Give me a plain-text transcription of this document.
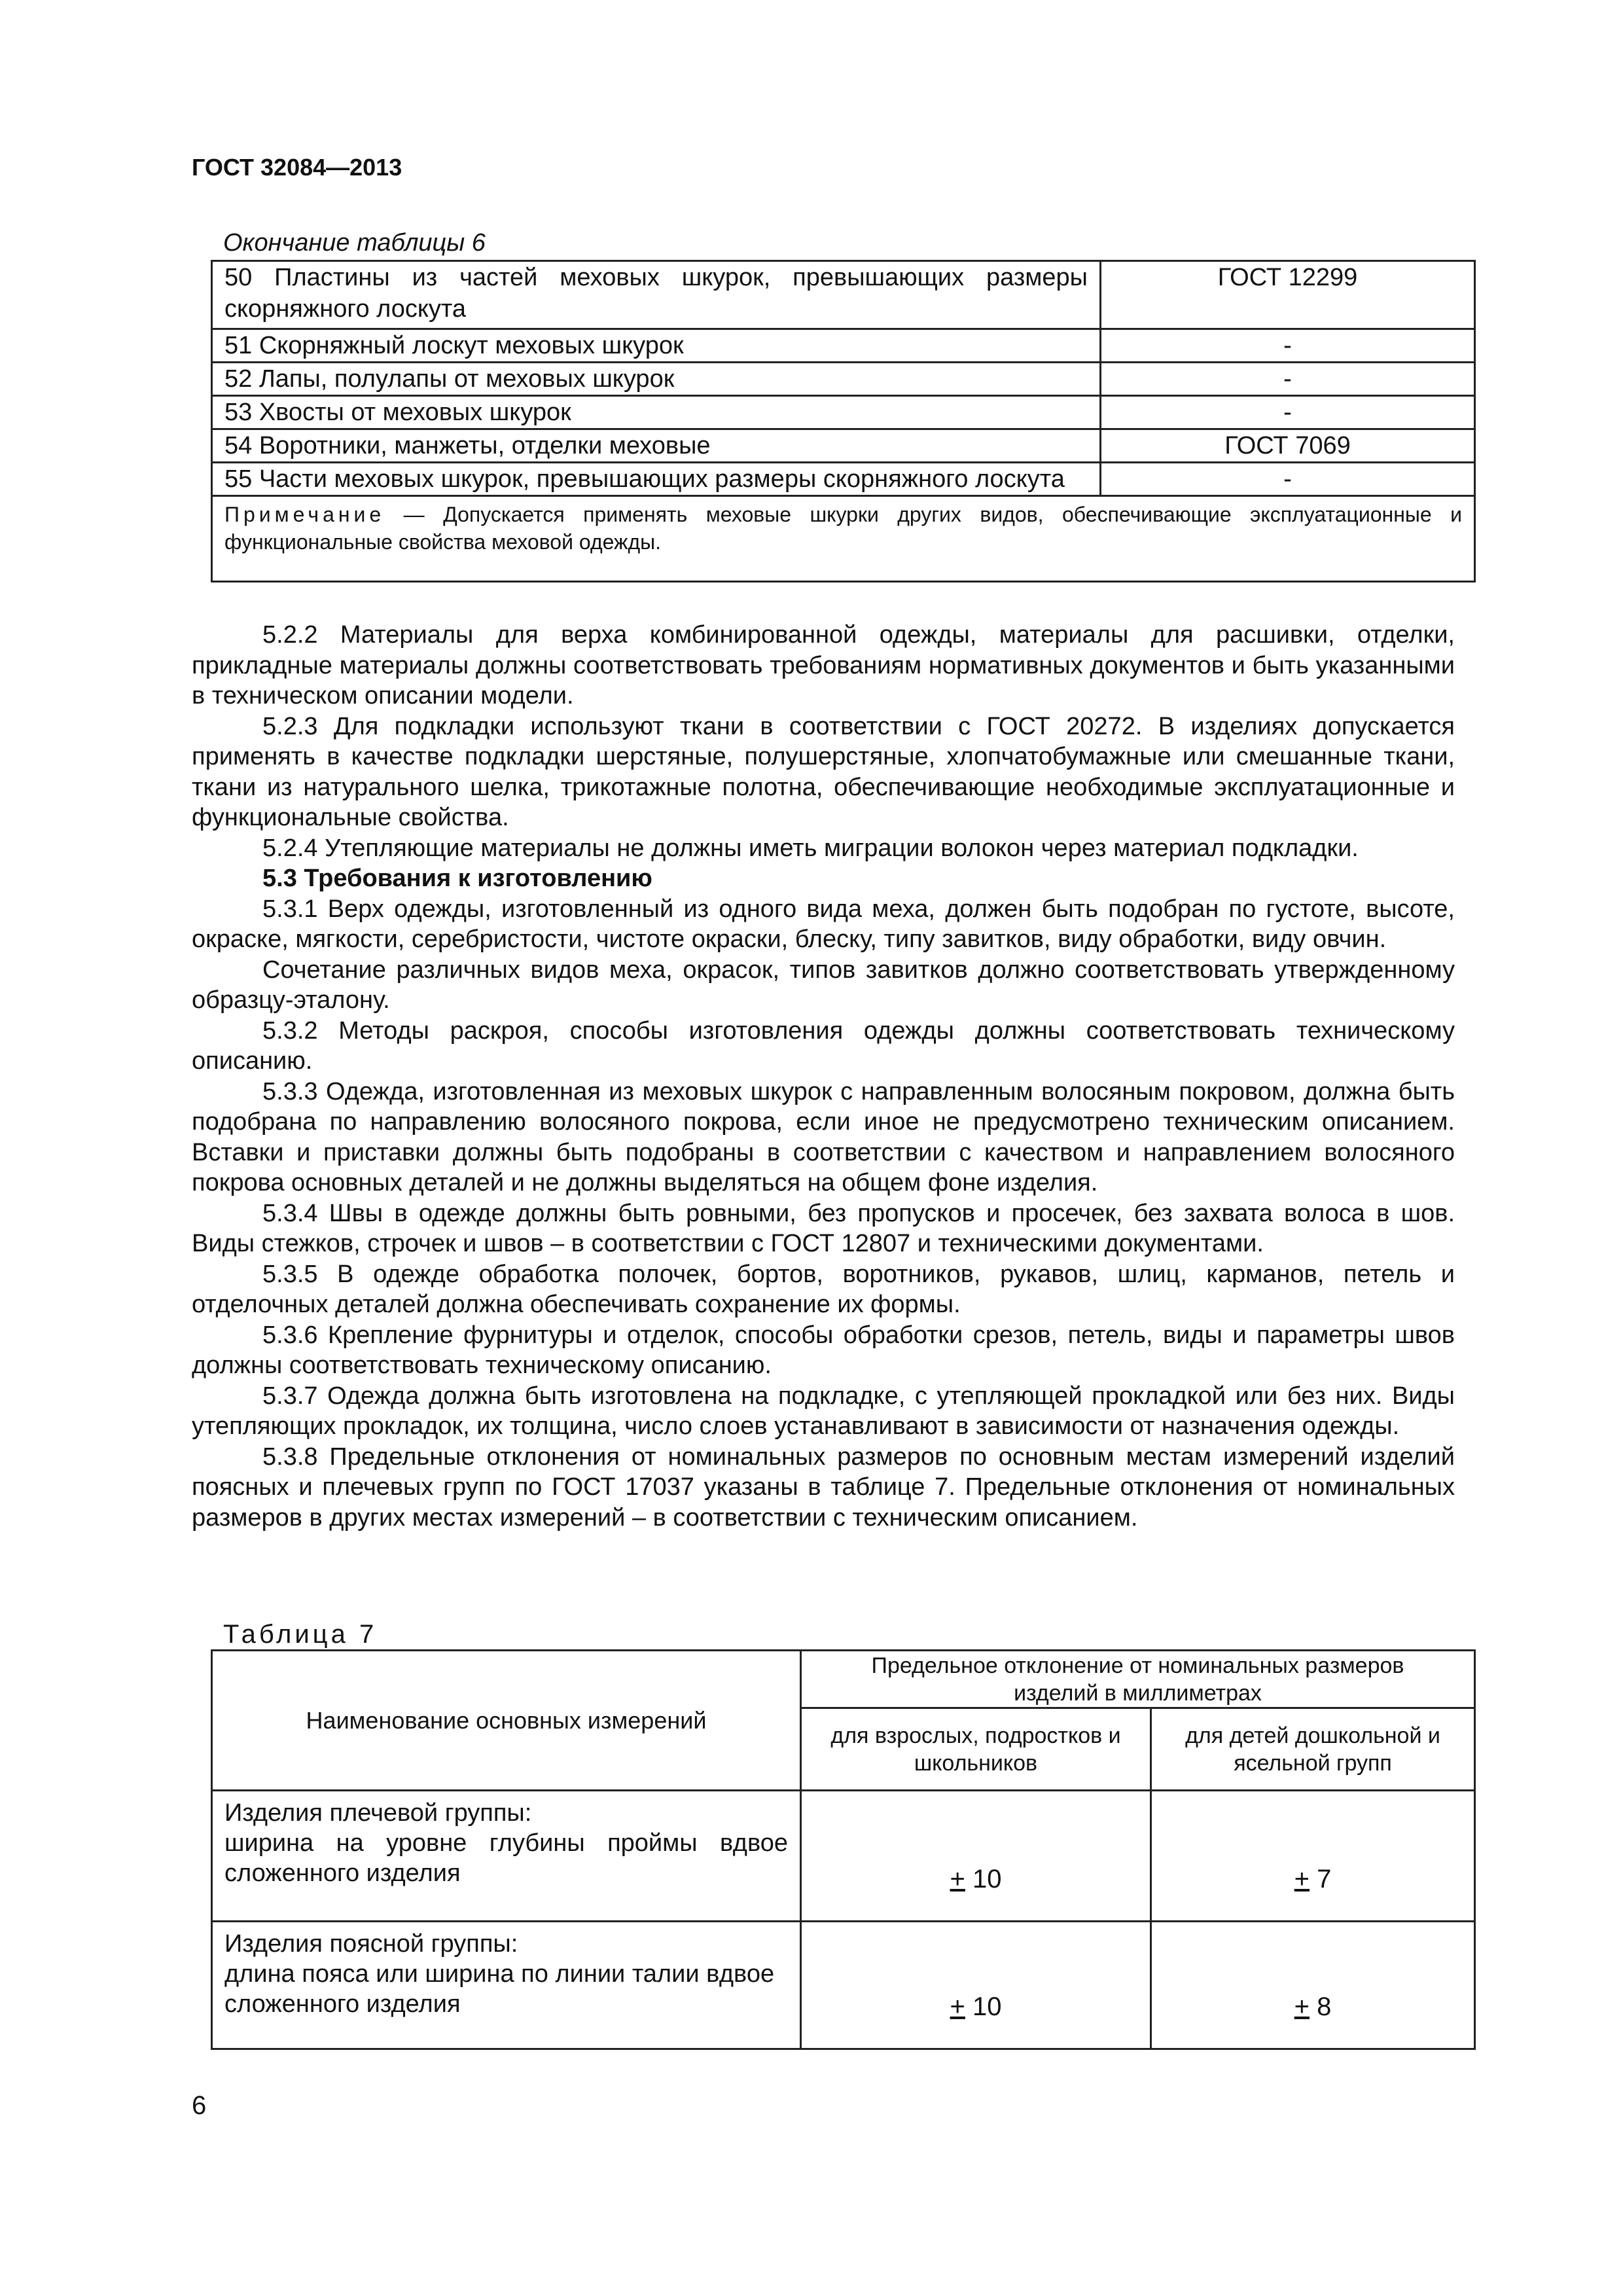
ГОСТ 32084—2013
Окончание таблицы 6
50 Пластины из частей меховых шкурок, превышающих размеры скорняжного лоскута	ГОСТ 12299
51 Скорняжный лоскут меховых шкурок	-
52 Лапы, полулапы от меховых шкурок	-
53 Хвосты от меховых шкурок	-
54 Воротники, манжеты, отделки меховые	ГОСТ 7069
55 Части меховых шкурок, превышающих размеры скорняжного лоскута	-
Примечание — Допускается применять меховые шкурки других видов, обеспечивающие эксплуатационные и функциональные свойства меховой одежды.	

5.2.2 Материалы для верха комбинированной одежды, материалы для расшивки, отделки, прикладные материалы должны соответствовать требованиям нормативных документов и быть указанными в техническом описании модели.

5.2.3 Для подкладки используют ткани в соответствии с ГОСТ 20272. В изделиях допускается применять в качестве подкладки шерстяные, полушерстяные, хлопчатобумажные или смешанные ткани, ткани из натурального шелка, трикотажные полотна, обеспечивающие необходимые эксплуатационные и функциональные свойства.

5.2.4 Утепляющие материалы не должны иметь миграции волокон через материал подкладки.

5.3 Требования к изготовлению

5.3.1 Верх одежды, изготовленный из одного вида меха, должен быть подобран по густоте, высоте, окраске, мягкости, серебристости, чистоте окраски, блеску, типу завитков, виду обработки, виду овчин.

Сочетание различных видов меха, окрасок, типов завитков должно соответствовать утвержденному образцу-эталону.

5.3.2 Методы раскроя, способы изготовления одежды должны соответствовать техническому описанию.

5.3.3 Одежда, изготовленная из меховых шкурок с направленным волосяным покровом, должна быть подобрана по направлению волосяного покрова, если иное не предусмотрено техническим описанием. Вставки и приставки должны быть подобраны в соответствии с качеством и направлением волосяного покрова основных деталей и не должны выделяться на общем фоне изделия.

5.3.4 Швы в одежде должны быть ровными, без пропусков и просечек, без захвата волоса в шов. Виды стежков, строчек и швов – в соответствии с ГОСТ 12807 и техническими документами.

5.3.5 В одежде обработка полочек, бортов, воротников, рукавов, шлиц, карманов, петель и отделочных деталей должна обеспечивать сохранение их формы.

5.3.6 Крепление фурнитуры и отделок, способы обработки срезов, петель, виды и параметры швов должны соответствовать техническому описанию.

5.3.7 Одежда должна быть изготовлена на подкладке, с утепляющей прокладкой или без них. Виды утепляющих прокладок, их толщина, число слоев устанавливают в зависимости от назначения одежды.

5.3.8 Предельные отклонения от номинальных размеров по основным местам измерений изделий поясных и плечевых групп по ГОСТ 17037 указаны в таблице 7. Предельные отклонения от номинальных размеров в других местах измерений – в соответствии с техническим описанием.

Таблица 7
Наименование основных измерений	Предельное отклонение от номинальных размеров изделий в миллиметрах	
	для взрослых, подростков и школьников	для детей дошкольной и ясельной групп

Изделия плечевой группы:
ширина на уровне глубины проймы вдвое сложенного изделия	+ 10	+ 7

Изделия поясной группы:
длина пояса или ширина по линии талии вдвое сложенного изделия	+ 10	+ 8
6
